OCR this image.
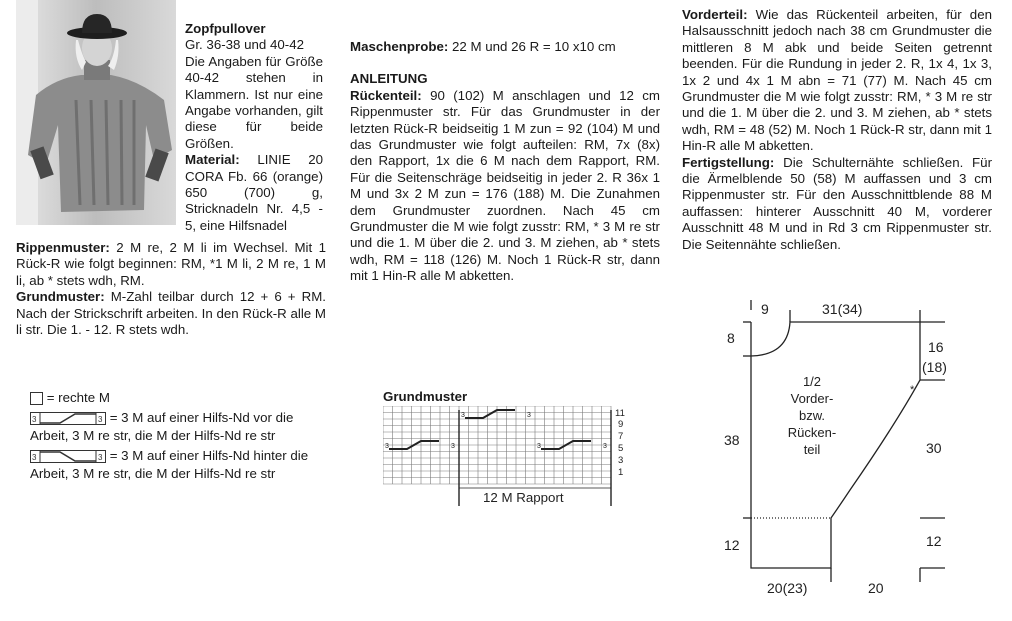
Zopfpullover

Gr. 36-38 und 40-42

Die Angaben für Größe 40-42 stehen in Klammern. Ist nur eine Angabe vorhanden, gilt diese für beide Größen.

Material: LINIE 20 CORA Fb. 66 (orange) 650 (700) g, Stricknadeln Nr. 4,5 - 5, eine Hilfsnadel

Rippenmuster: 2 M re, 2 M li im Wechsel. Mit 1 Rück-R wie folgt beginnen: RM, *1 M li, 2 M re, 1 M li, ab * stets wdh, RM.

Grundmuster: M-Zahl teilbar durch 12 + 6 + RM. Nach der Strickschrift arbeiten. In den Rück-R alle M li str. Die 1. - 12. R stets wdh.

Maschenprobe: 22 M und 26 R = 10 x10 cm

ANLEITUNG

Rückenteil: 90 (102) M anschlagen und 12 cm Rippenmuster str. Für das Grundmuster in der letzten Rück-R beidseitig 1 M zun = 92 (104) M und das Grundmuster wie folgt aufteilen: RM, 7x (8x) den Rapport, 1x die 6 M nach dem Rapport, RM. Für die Seitenschräge beidseitig in jeder 2. R 36x 1 M und 3x 2 M zun = 176 (188) M. Die Zunahmen dem Grundmuster zuordnen. Nach 45 cm Grundmuster die M wie folgt zusstr: RM, * 3 M re str und die 1. M über die 2. und 3. M ziehen, ab * stets wdh, RM = 118 (126) M. Noch 1 Rück-R str, dann mit 1 Hin-R alle M abketten.

Vorderteil: Wie das Rückenteil arbeiten, für den Halsausschnitt jedoch nach 38 cm Grundmuster die mittleren 8 M abk und beide Seiten getrennt beenden. Für die Rundung in jeder 2. R, 1x 4, 1x 3, 1x 2 und 4x 1 M abn = 71 (77) M. Nach 45 cm Grundmuster die M wie folgt zusstr: RM, * 3 M re str und die 1. M über die 2. und 3. M ziehen, ab * stets wdh, RM = 48 (52) M. Noch 1 Rück-R str, dann mit 1 Hin-R alle M abketten.

Fertigstellung: Die Schulternähte schließen. Für die Ärmelblende 50 (58) M auffassen und 3 cm Rippenmuster str. Für den Ausschnittblende 88 M auffassen: hinterer Ausschnitt 40 M, vorderer Ausschnitt 48 M und in Rd 3 cm Rippenmuster str. Die Seitennähte schließen.

= rechte M
3	3 = 3 M auf einer Hilfs-Nd vor die Arbeit, 3 M re str, die M der Hilfs-Nd re str
3	3 = 3 M auf einer Hilfs-Nd hinter die Arbeit, 3 M re str, die M der Hilfs-Nd re str
Grundmuster
3	3
3	3
3	3
11
9
7
5
3
1
12 M Rapport
9	31(34)
8
38
12
16
(18)
30
12
20(23)	20
*
1/2
Vorder-
bzw.
Rücken-
teil
